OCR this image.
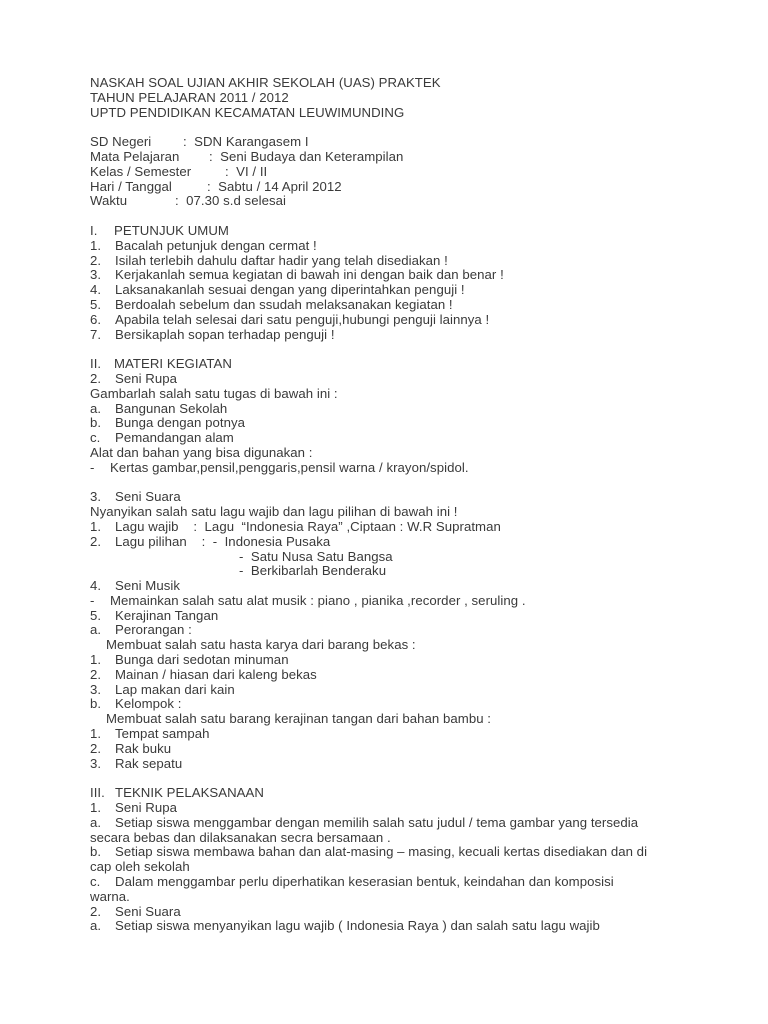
NASKAH SOAL UJIAN AKHIR SEKOLAH (UAS) PRAKTEK
TAHUN PELAJARAN 2011 / 2012
UPTD PENDIDIKAN KECAMATAN LEUWIMUNDING
SD Negeri :  SDN Karangasem I
Mata Pelajaran :  Seni Budaya dan Keterampilan
Kelas / Semester	:  VI / II
Hari / Tanggal	:  Sabtu / 14 April 2012
Waktu	:  07.30 s.d selesai
I. PETUNJUK UMUM
1. Bacalah petunjuk dengan cermat !
2. Isilah terlebih dahulu daftar hadir yang telah disediakan !
3. Kerjakanlah semua kegiatan di bawah ini dengan baik dan benar !
4. Laksanakanlah sesuai dengan yang diperintahkan penguji !
5. Berdoalah sebelum dan ssudah melaksanakan kegiatan !
6. Apabila telah selesai dari satu penguji,hubungi penguji lainnya !
7. Bersikaplah sopan terhadap penguji !
II. MATERI KEGIATAN
2. Seni Rupa
Gambarlah salah satu tugas di bawah ini :
a. Bangunan Sekolah
b. Bunga dengan potnya
c. Pemandangan alam
Alat dan bahan yang bisa digunakan :
- Kertas gambar,pensil,penggaris,pensil warna / krayon/spidol.
3. Seni Suara
Nyanyikan salah satu lagu wajib dan lagu pilihan di bawah ini !
1. Lagu wajib    :  Lagu  “Indonesia Raya” ,Ciptaan : W.R Supratman
2. Lagu pilihan    :  -  Indonesia Pusaka
-  Satu Nusa Satu Bangsa
-  Berkibarlah Benderaku
4. Seni Musik
- Memainkan salah satu alat musik : piano , pianika ,recorder , seruling .
5. Kerajinan Tangan
a. Perorangan :
Membuat salah satu hasta karya dari barang bekas :
1. Bunga dari sedotan minuman
2. Mainan / hiasan dari kaleng bekas
3. Lap makan dari kain
b. Kelompok :
Membuat salah satu barang kerajinan tangan dari bahan bambu :
1. Tempat sampah
2. Rak buku
3. Rak sepatu
III. TEKNIK PELAKSANAAN
1. Seni Rupa
a. Setiap siswa menggambar dengan memilih salah satu judul / tema gambar yang tersedia
secara bebas dan dilaksanakan secra bersamaan .
b. Setiap siswa membawa bahan dan alat-masing – masing, kecuali kertas disediakan dan di
cap oleh sekolah
c. Dalam menggambar perlu diperhatikan keserasian bentuk, keindahan dan komposisi
warna.
2. Seni Suara
a. Setiap siswa menyanyikan lagu wajib ( Indonesia Raya ) dan salah satu lagu wajib
